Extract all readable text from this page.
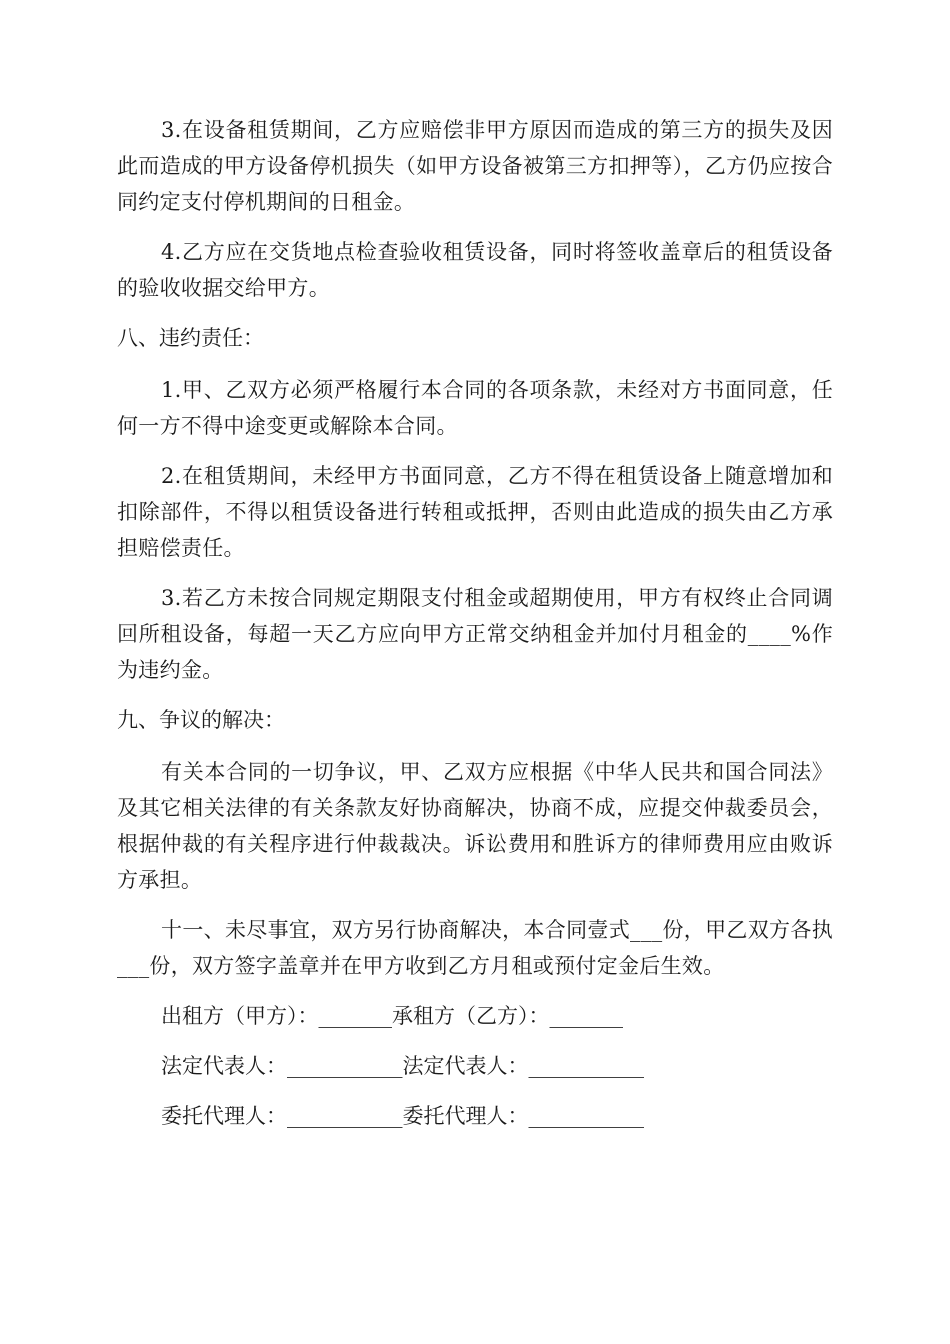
3.在设备租赁期间，乙方应赔偿非甲方原因而造成的第三方的损失及因此而造成的甲方设备停机损失（如甲方设备被第三方扣押等），乙方仍应按合同约定支付停机期间的日租金。

4.乙方应在交货地点检查验收租赁设备，同时将签收盖章后的租赁设备的验收收据交给甲方。

八、违约责任：

1.甲、乙双方必须严格履行本合同的各项条款，未经对方书面同意，任何一方不得中途变更或解除本合同。

2.在租赁期间，未经甲方书面同意，乙方不得在租赁设备上随意增加和扣除部件，不得以租赁设备进行转租或抵押，否则由此造成的损失由乙方承担赔偿责任。

3.若乙方未按合同规定期限支付租金或超期使用，甲方有权终止合同调回所租设备，每超一天乙方应向甲方正常交纳租金并加付月租金的____%作为违约金。

九、争议的解决：

有关本合同的一切争议，甲、乙双方应根据《中华人民共和国合同法》及其它相关法律的有关条款友好协商解决，协商不成，应提交仲裁委员会，根据仲裁的有关程序进行仲裁裁决。诉讼费用和胜诉方的律师费用应由败诉方承担。

十一、未尽事宜，双方另行协商解决，本合同壹式___份，甲乙双方各执___份，双方签字盖章并在甲方收到乙方月租或预付定金后生效。

出租方（甲方）：_______承租方（乙方）：_______
法定代表人：___________法定代表人：___________
委托代理人：___________委托代理人：___________
